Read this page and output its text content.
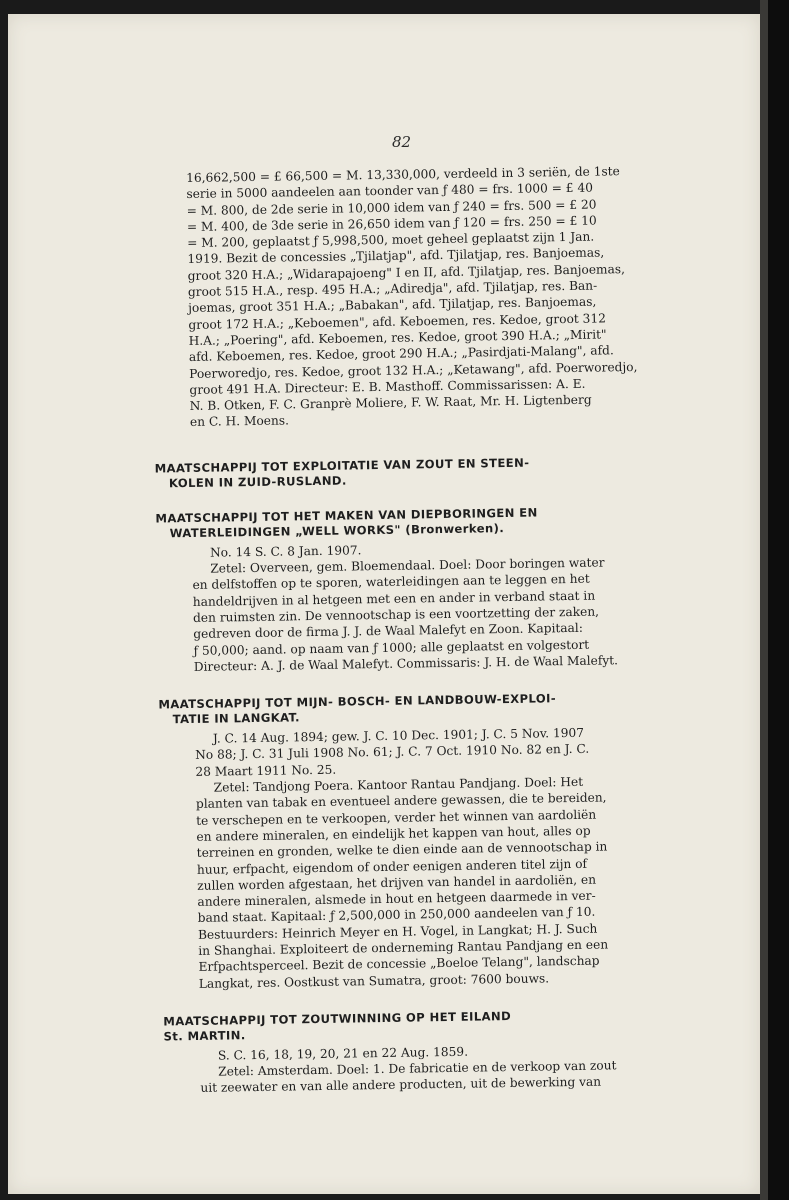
82

16,662,500 = £ 66,500 = M. 13,330,000, verdeeld in 3 seriën, de 1ste
serie in 5000 aandeelen aan toonder van ƒ 480 = frs. 1000 = £ 40
= M. 800, de 2de serie in 10,000 idem van ƒ 240 = frs. 500 = £ 20
= M. 400, de 3de serie in 26,650 idem van ƒ 120 = frs. 250 = £ 10
= M. 200, geplaatst ƒ 5,998,500, moet geheel geplaatst zijn 1 Jan.
1919. Bezit de concessies „Tjilatjap", afd. Tjilatjap, res. Banjoemas,
groot 320 H.A.; „Widarapajoeng" I en II, afd. Tjilatjap, res. Banjoemas,
groot 515 H.A., resp. 495 H.A.; „Adiredja", afd. Tjilatjap, res. Ban-
joemas, groot 351 H.A.; „Babakan", afd. Tjilatjap, res. Banjoemas,
groot 172 H.A.; „Keboemen", afd. Keboemen, res. Kedoe, groot 312
H.A.; „Poering", afd. Keboemen, res. Kedoe, groot 390 H.A.; „Mirit"
afd. Keboemen, res. Kedoe, groot 290 H.A.; „Pasirdjati-Malang", afd.
Poerworedjo, res. Kedoe, groot 132 H.A.; „Ketawang", afd. Poerworedjo,
groot 491 H.A. Directeur: E. B. Masthoff. Commissarissen: A. E.
N. B. Otken, F. C. Granprè Moliere, F. W. Raat, Mr. H. Ligtenberg
en C. H. Moens.

MAATSCHAPPIJ TOT EXPLOITATIE VAN ZOUT EN STEEN-
KOLEN IN ZUID-RUSLAND.
MAATSCHAPPIJ TOT HET MAKEN VAN DIEPBORINGEN EN
WATERLEIDINGEN „WELL WORKS" (Bronwerken).

No. 14 S. C. 8 Jan. 1907.
Zetel: Overveen, gem. Bloemendaal. Doel: Door boringen water
en delfstoffen op te sporen, waterleidingen aan te leggen en het
handeldrijven in al hetgeen met een en ander in verband staat in
den ruimsten zin. De vennootschap is een voortzetting der zaken,
gedreven door de firma J. J. de Waal Malefyt en Zoon. Kapitaal:
ƒ 50,000; aand. op naam van ƒ 1000; alle geplaatst en volgestort
Directeur: A. J. de Waal Malefyt. Commissaris: J. H. de Waal Malefyt.

MAATSCHAPPIJ TOT MIJN- BOSCH- EN LANDBOUW-EXPLOI-
TATIE IN LANGKAT.

J. C. 14 Aug. 1894; gew. J. C. 10 Dec. 1901; J. C. 5 Nov. 1907
No 88; J. C. 31 Juli 1908 No. 61; J. C. 7 Oct. 1910 No. 82 en J. C.
28 Maart 1911 No. 25.
Zetel: Tandjong Poera. Kantoor Rantau Pandjang. Doel: Het
planten van tabak en eventueel andere gewassen, die te bereiden,
te verschepen en te verkoopen, verder het winnen van aardoliën
en andere mineralen, en eindelijk het kappen van hout, alles op
terreinen en gronden, welke te dien einde aan de vennootschap in
huur, erfpacht, eigendom of onder eenigen anderen titel zijn of
zullen worden afgestaan, het drijven van handel in aardoliën, en
andere mineralen, alsmede in hout en hetgeen daarmede in ver-
band staat. Kapitaal: ƒ 2,500,000 in 250,000 aandeelen van ƒ 10.
Bestuurders: Heinrich Meyer en H. Vogel, in Langkat; H. J. Such
in Shanghai. Exploiteert de onderneming Rantau Pandjang en een
Erfpachtsperceel. Bezit de concessie „Boeloe Telang", landschap
Langkat, res. Oostkust van Sumatra, groot: 7600 bouws.

MAATSCHAPPIJ TOT ZOUTWINNING OP HET EILAND
St. MARTIN.

S. C. 16, 18, 19, 20, 21 en 22 Aug. 1859.
Zetel: Amsterdam. Doel: 1. De fabricatie en de verkoop van zout
uit zeewater en van alle andere producten, uit de bewerking van
